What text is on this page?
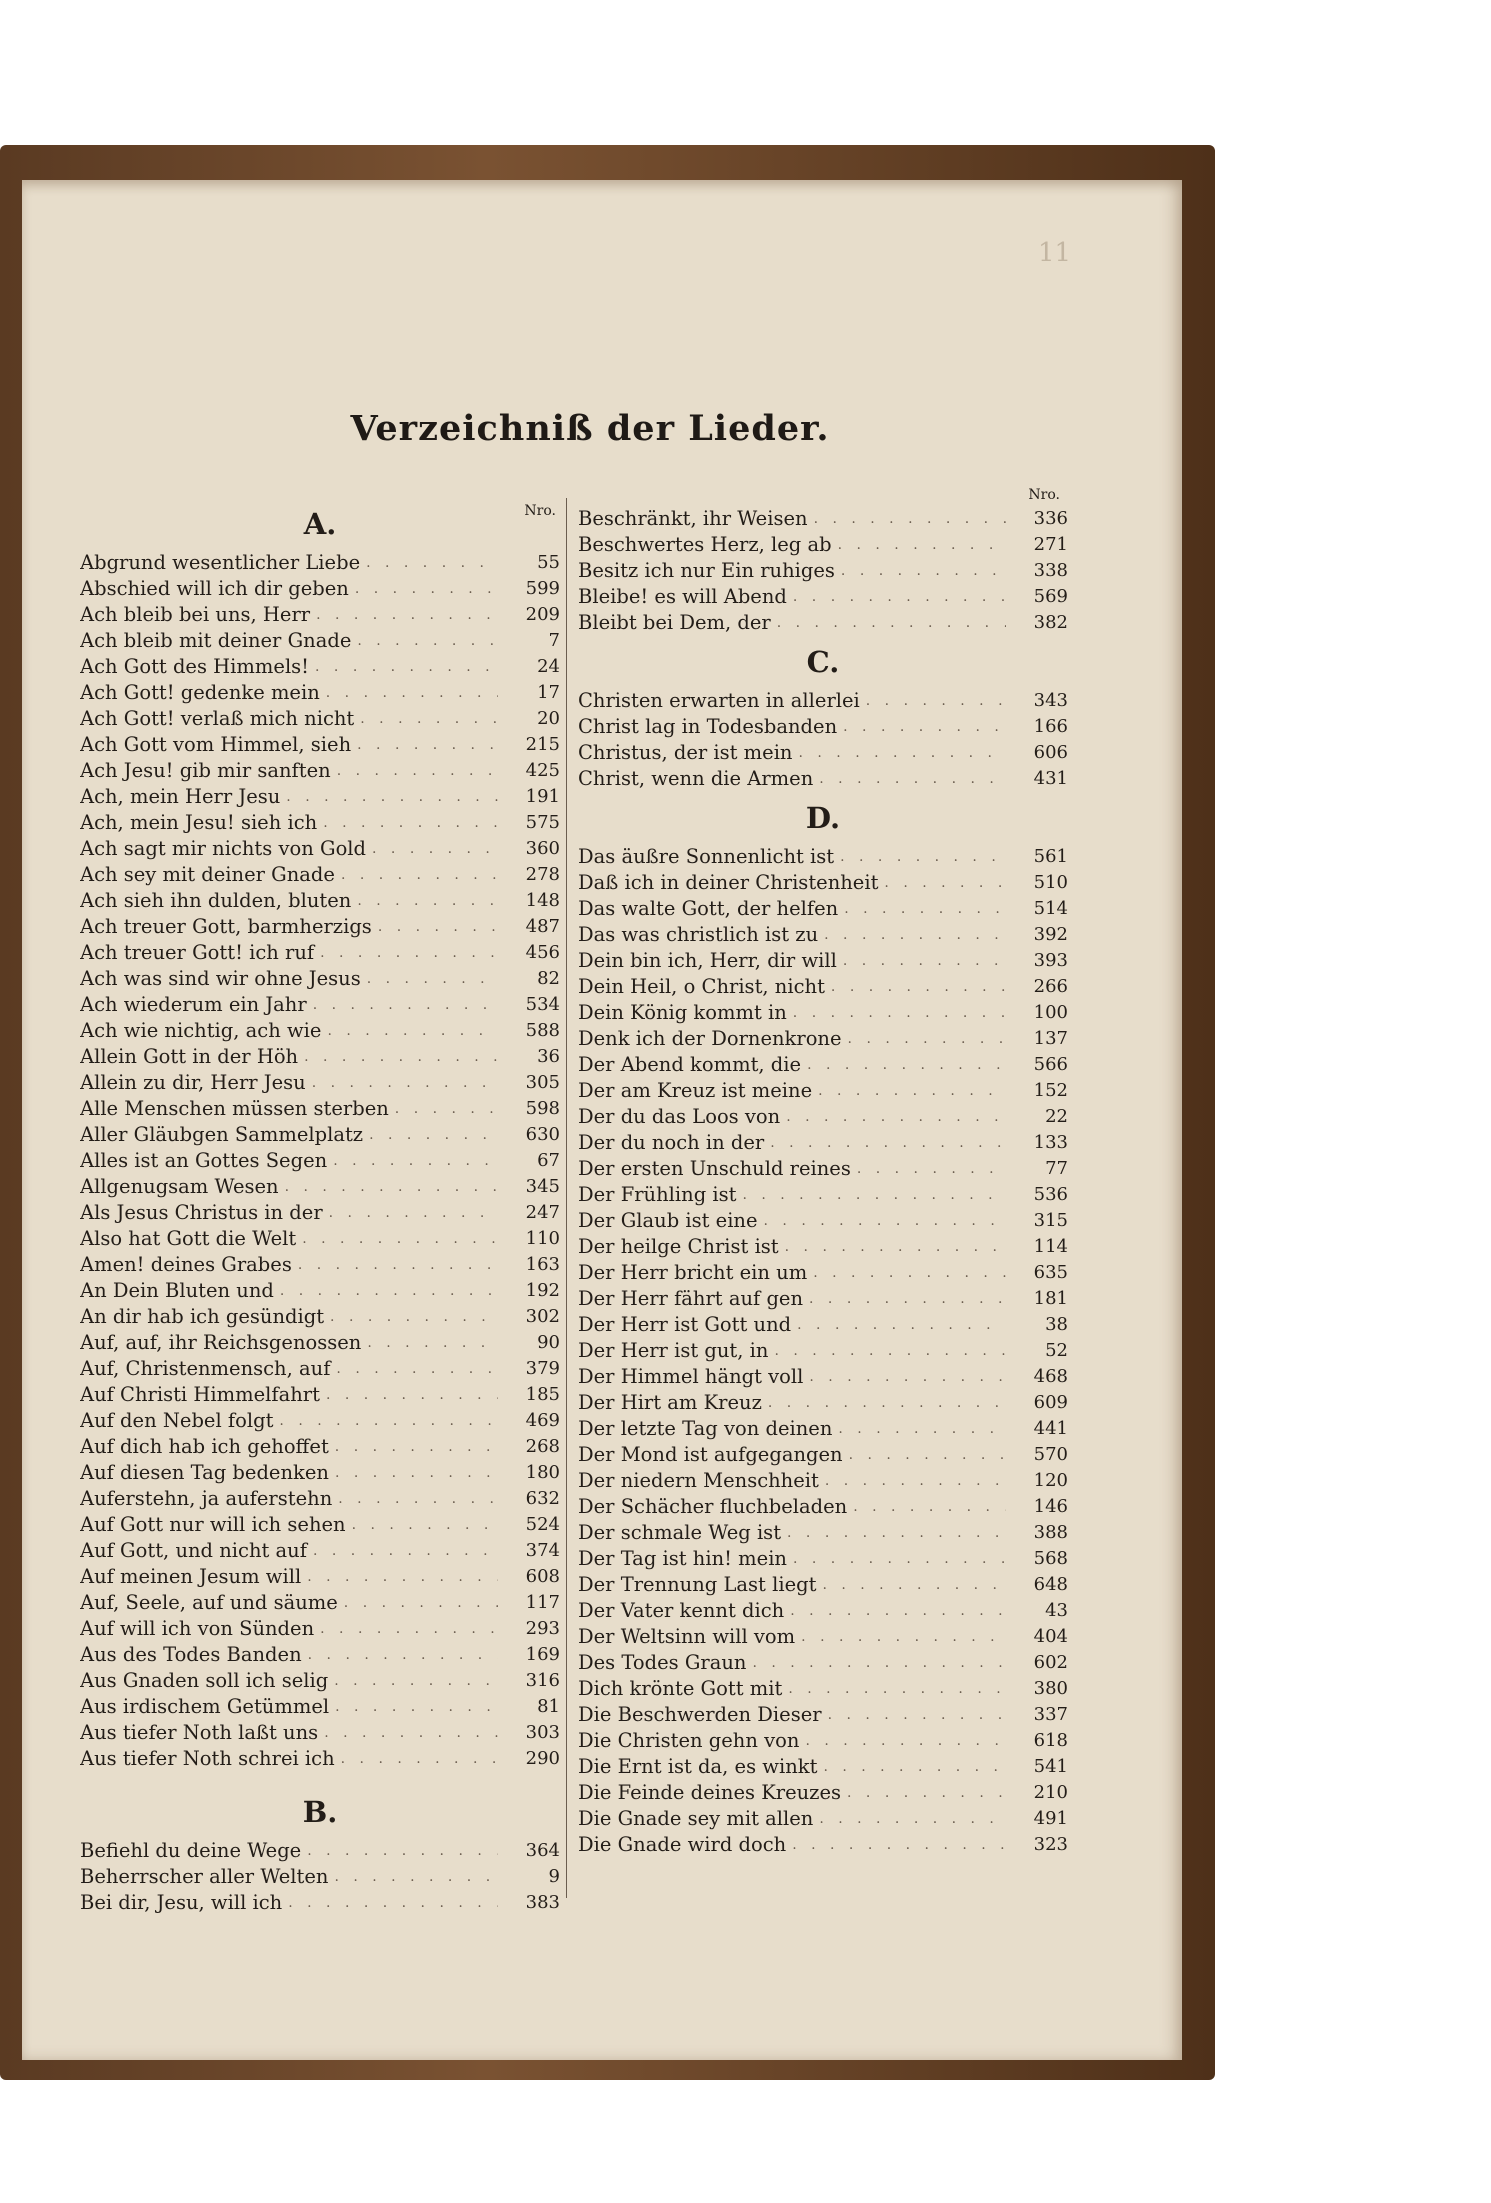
11
Verzeichniß der Lieder.
A.	Nro.
Abgrund wesentlicher Liebe . . .	55
Abschied will ich dir geben . . .	599
Ach bleib bei uns, Herr . . .	209
Ach bleib mit deiner Gnade . . .	7
Ach Gott des Himmels! . . .	24
Ach Gott! gedenke mein . . .	17
Ach Gott! verlaß mich nicht . . .	20
Ach Gott vom Himmel, sieh . . .	215
Ach Jesu! gib mir sanften . . .	425
Ach, mein Herr Jesu . . .	191
Ach, mein Jesu! sieh ich . . .	575
Ach sagt mir nichts von Gold . . .	360
Ach sey mit deiner Gnade . . .	278
Ach sieh ihn dulden, bluten . . .	148
Ach treuer Gott, barmherzigs . . .	487
Ach treuer Gott! ich ruf . . .	456
Ach was sind wir ohne Jesus . . .	82
Ach wiederum ein Jahr . . .	534
Ach wie nichtig, ach wie . . .	588
Allein Gott in der Höh . . .	36
Allein zu dir, Herr Jesu . . .	305
Alle Menschen müssen sterben . . .	598
Aller Gläubgen Sammelplatz . . .	630
Alles ist an Gottes Segen . . .	67
Allgenugsam Wesen . . .	345
Als Jesus Christus in der . . .	247
Also hat Gott die Welt . . .	110
Amen! deines Grabes . . .	163
An Dein Bluten und . . .	192
An dir hab ich gesündigt . . .	302
Auf, auf, ihr Reichsgenossen . . .	90
Auf, Christenmensch, auf . . .	379
Auf Christi Himmelfahrt . . .	185
Auf den Nebel folgt . . .	469
Auf dich hab ich gehoffet . . .	268
Auf diesen Tag bedenken . . .	180
Auferstehn, ja auferstehn . . .	632
Auf Gott nur will ich sehen . . .	524
Auf Gott, und nicht auf . . .	374
Auf meinen Jesum will . . .	608
Auf, Seele, auf und säume . . .	117
Auf will ich von Sünden . . .	293
Aus des Todes Banden . . .	169
Aus Gnaden soll ich selig . . .	316
Aus irdischem Getümmel . . .	81
Aus tiefer Noth laßt uns . . .	303
Aus tiefer Noth schrei ich . . .	290
B.
Befiehl du deine Wege . . .	364
Beherrscher aller Welten . . .	9
Bei dir, Jesu, will ich . . .	383
Nro.
Beschränkt, ihr Weisen . . .	336
Beschwertes Herz, leg ab . . .	271
Besitz ich nur Ein ruhiges . . .	338
Bleibe! es will Abend . . .	569
Bleibt bei Dem, der . . .	382
C.
Christen erwarten in allerlei . . .	343
Christ lag in Todesbanden . . .	166
Christus, der ist mein . . .	606
Christ, wenn die Armen . . .	431
D.
Das äußre Sonnenlicht ist . . .	561
Daß ich in deiner Christenheit . . .	510
Das walte Gott, der helfen . . .	514
Das was christlich ist zu . . .	392
Dein bin ich, Herr, dir will . . .	393
Dein Heil, o Christ, nicht . . .	266
Dein König kommt in . . .	100
Denk ich der Dornenkrone . . .	137
Der Abend kommt, die . . .	566
Der am Kreuz ist meine . . .	152
Der du das Loos von . . .	22
Der du noch in der . . .	133
Der ersten Unschuld reines . . .	77
Der Frühling ist . . .	536
Der Glaub ist eine . . .	315
Der heilge Christ ist . . .	114
Der Herr bricht ein um . . .	635
Der Herr fährt auf gen . . .	181
Der Herr ist Gott und . . .	38
Der Herr ist gut, in . . .	52
Der Himmel hängt voll . . .	468
Der Hirt am Kreuz . . .	609
Der letzte Tag von deinen . . .	441
Der Mond ist aufgegangen . . .	570
Der niedern Menschheit . . .	120
Der Schächer fluchbeladen . . .	146
Der schmale Weg ist . . .	388
Der Tag ist hin! mein . . .	568
Der Trennung Last liegt . . .	648
Der Vater kennt dich . . .	43
Der Weltsinn will vom . . .	404
Des Todes Graun . . .	602
Dich krönte Gott mit . . .	380
Die Beschwerden Dieser . . .	337
Die Christen gehn von . . .	618
Die Ernt ist da, es winkt . . .	541
Die Feinde deines Kreuzes . . .	210
Die Gnade sey mit allen . . .	491
Die Gnade wird doch . . .	323
